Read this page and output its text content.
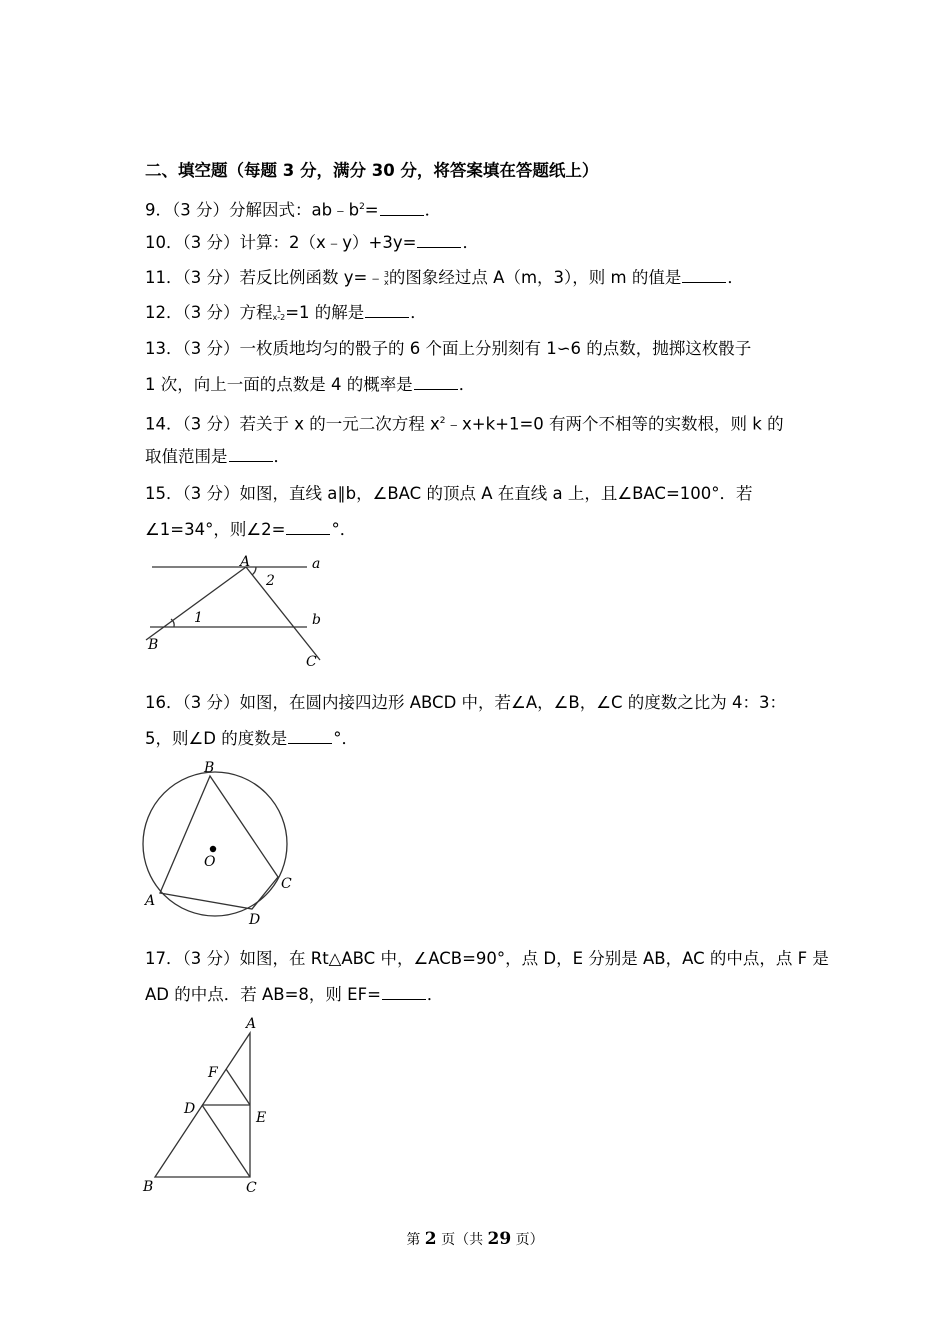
二、填空题（每题 3 分，满分 30 分，将答案填在答题纸上）
9．（3 分）分解因式：$ab﹣b^2=$	．
10．（3 分）计算：2（x﹣y）+3y=	．
11．（3 分）若反比例函数 y=﹣ 3
x 的图象经过点 A（m，3），则 m 的值是	．
12．（3 分）方程 1
x-2 =1 的解是	．
13．（3 分）一枚质地均匀的骰子的 6 个面上分别刻有 1∽6 的点数，抛掷这枚骰子
1 次，向上一面的点数是 4 的概率是	．
14．（3 分）若关于 x 的一元二次方程 $x^2﹣x+k+1=0$ 有两个不相等的实数根，则 k 的
取值范围是	．
15．（3 分）如图，直线 a∥b，∠BAC 的顶点 A 在直线 a 上，且∠BAC=100°．若
∠1=34°，则∠2=	°．
A	a
2
1	b
B
C
16．（3 分）如图，在圆内接四边形 ABCD 中，若∠A，∠B，∠C 的度数之比为 4：3：
5，则∠D 的度数是	°．
B
O
A
C
D
17．（3 分）如图，在 Rt△ABC 中，∠ACB=90°，点 D，E 分别是 AB，AC 的中点，点 F 是
AD 的中点．若 AB=8，则 EF=	．
A
F
D
E
B	C
第 2 页（共 29 页）
